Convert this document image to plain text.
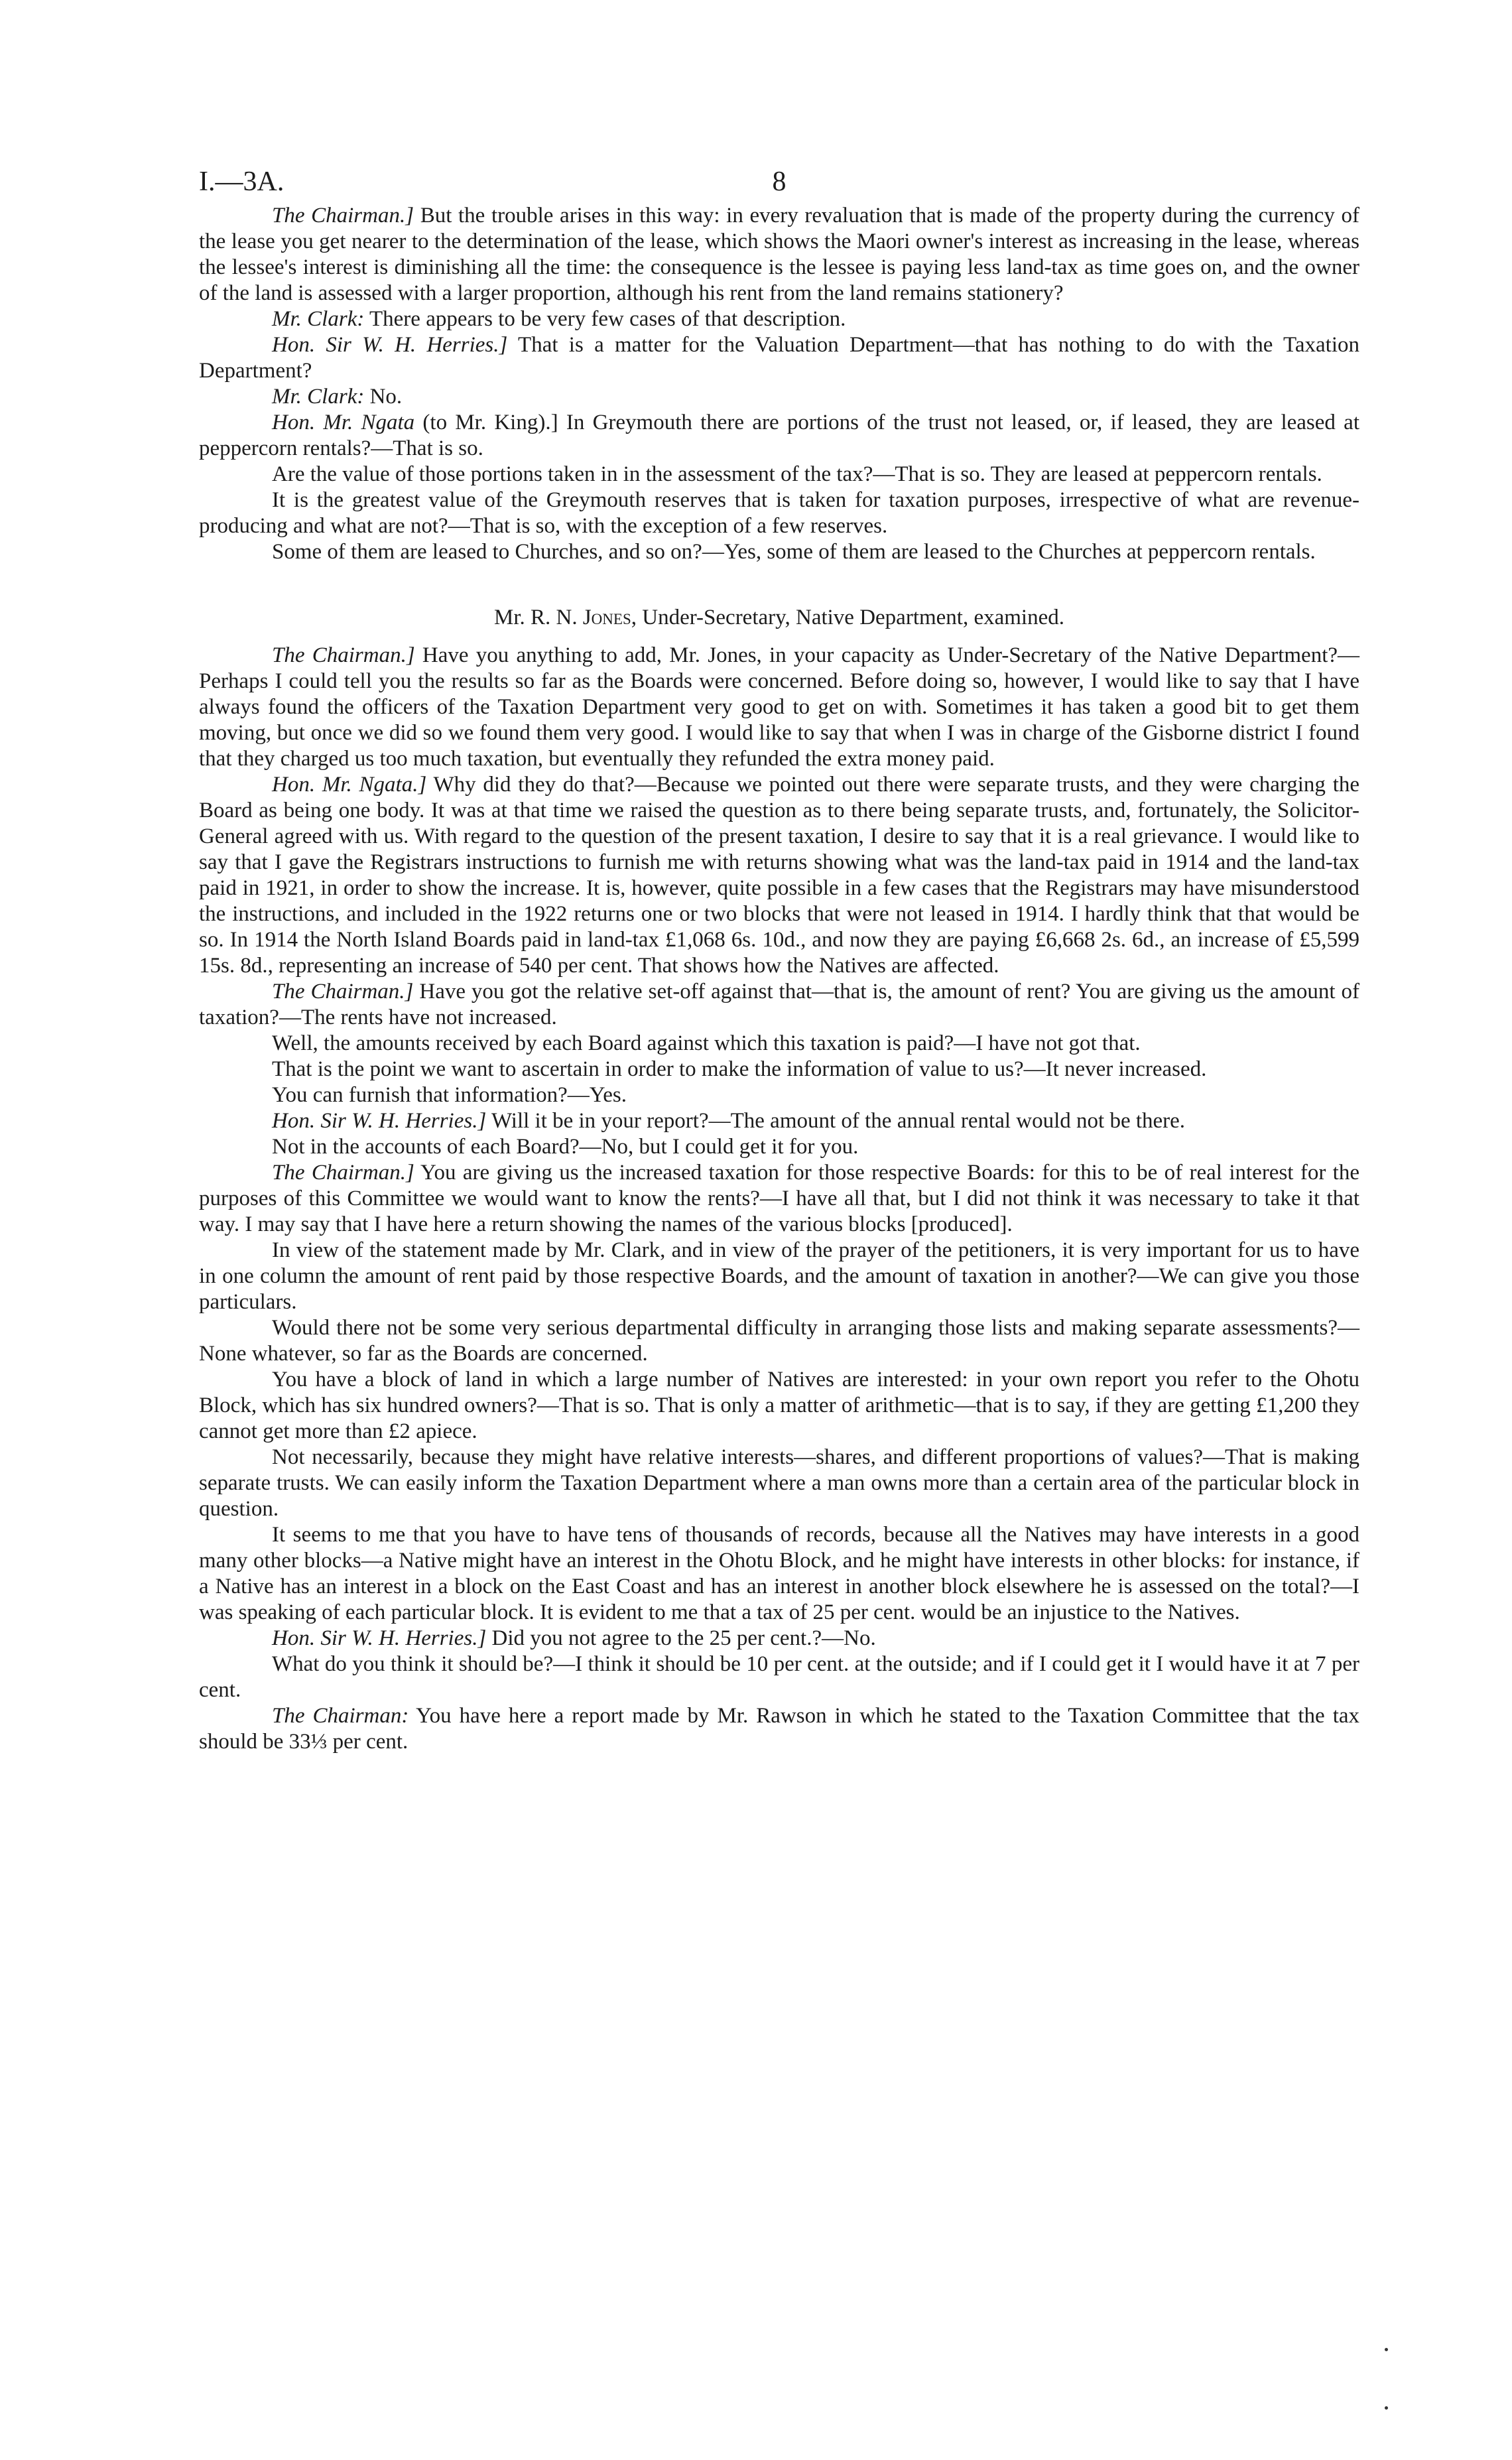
I.—3A.	8

The Chairman.] But the trouble arises in this way: in every revaluation that is made of the property during the currency of the lease you get nearer to the determination of the lease, which shows the Maori owner's interest as increasing in the lease, whereas the lessee's interest is diminishing all the time: the consequence is the lessee is paying less land-tax as time goes on, and the owner of the land is assessed with a larger proportion, although his rent from the land remains stationery?

Mr. Clark: There appears to be very few cases of that description.

Hon. Sir W. H. Herries.] That is a matter for the Valuation Department—that has nothing to do with the Taxation Department?

Mr. Clark: No.

Hon. Mr. Ngata (to Mr. King).] In Greymouth there are portions of the trust not leased, or, if leased, they are leased at peppercorn rentals?—That is so.

Are the value of those portions taken in in the assessment of the tax?—That is so. They are leased at peppercorn rentals.

It is the greatest value of the Greymouth reserves that is taken for taxation purposes, irrespective of what are revenue-producing and what are not?—That is so, with the exception of a few reserves.

Some of them are leased to Churches, and so on?—Yes, some of them are leased to the Churches at peppercorn rentals.

Mr. R. N. Jones, Under-Secretary, Native Department, examined.

The Chairman.] Have you anything to add, Mr. Jones, in your capacity as Under-Secretary of the Native Department?—Perhaps I could tell you the results so far as the Boards were concerned. Before doing so, however, I would like to say that I have always found the officers of the Taxation Department very good to get on with. Sometimes it has taken a good bit to get them moving, but once we did so we found them very good. I would like to say that when I was in charge of the Gisborne district I found that they charged us too much taxation, but eventually they refunded the extra money paid.

Hon. Mr. Ngata.] Why did they do that?—Because we pointed out there were separate trusts, and they were charging the Board as being one body. It was at that time we raised the question as to there being separate trusts, and, fortunately, the Solicitor-General agreed with us. With regard to the question of the present taxation, I desire to say that it is a real grievance. I would like to say that I gave the Registrars instructions to furnish me with returns showing what was the land-tax paid in 1914 and the land-tax paid in 1921, in order to show the increase. It is, however, quite possible in a few cases that the Registrars may have misunderstood the instructions, and included in the 1922 returns one or two blocks that were not leased in 1914. I hardly think that that would be so. In 1914 the North Island Boards paid in land-tax £1,068 6s. 10d., and now they are paying £6,668 2s. 6d., an increase of £5,599 15s. 8d., representing an increase of 540 per cent. That shows how the Natives are affected.

The Chairman.] Have you got the relative set-off against that—that is, the amount of rent? You are giving us the amount of taxation?—The rents have not increased.

Well, the amounts received by each Board against which this taxation is paid?—I have not got that.

That is the point we want to ascertain in order to make the information of value to us?—It never increased.

You can furnish that information?—Yes.

Hon. Sir W. H. Herries.] Will it be in your report?—The amount of the annual rental would not be there.

Not in the accounts of each Board?—No, but I could get it for you.

The Chairman.] You are giving us the increased taxation for those respective Boards: for this to be of real interest for the purposes of this Committee we would want to know the rents?—I have all that, but I did not think it was necessary to take it that way. I may say that I have here a return showing the names of the various blocks [produced].

In view of the statement made by Mr. Clark, and in view of the prayer of the petitioners, it is very important for us to have in one column the amount of rent paid by those respective Boards, and the amount of taxation in another?—We can give you those particulars.

Would there not be some very serious departmental difficulty in arranging those lists and making separate assessments?—None whatever, so far as the Boards are concerned.

You have a block of land in which a large number of Natives are interested: in your own report you refer to the Ohotu Block, which has six hundred owners?—That is so. That is only a matter of arithmetic—that is to say, if they are getting £1,200 they cannot get more than £2 apiece.

Not necessarily, because they might have relative interests—shares, and different proportions of values?—That is making separate trusts. We can easily inform the Taxation Department where a man owns more than a certain area of the particular block in question.

It seems to me that you have to have tens of thousands of records, because all the Natives may have interests in a good many other blocks—a Native might have an interest in the Ohotu Block, and he might have interests in other blocks: for instance, if a Native has an interest in a block on the East Coast and has an interest in another block elsewhere he is assessed on the total?—I was speaking of each particular block. It is evident to me that a tax of 25 per cent. would be an injustice to the Natives.

Hon. Sir W. H. Herries.] Did you not agree to the 25 per cent.?—No.

What do you think it should be?—I think it should be 10 per cent. at the outside; and if I could get it I would have it at 7 per cent.

The Chairman: You have here a report made by Mr. Rawson in which he stated to the Taxation Committee that the tax should be 33⅓ per cent.
